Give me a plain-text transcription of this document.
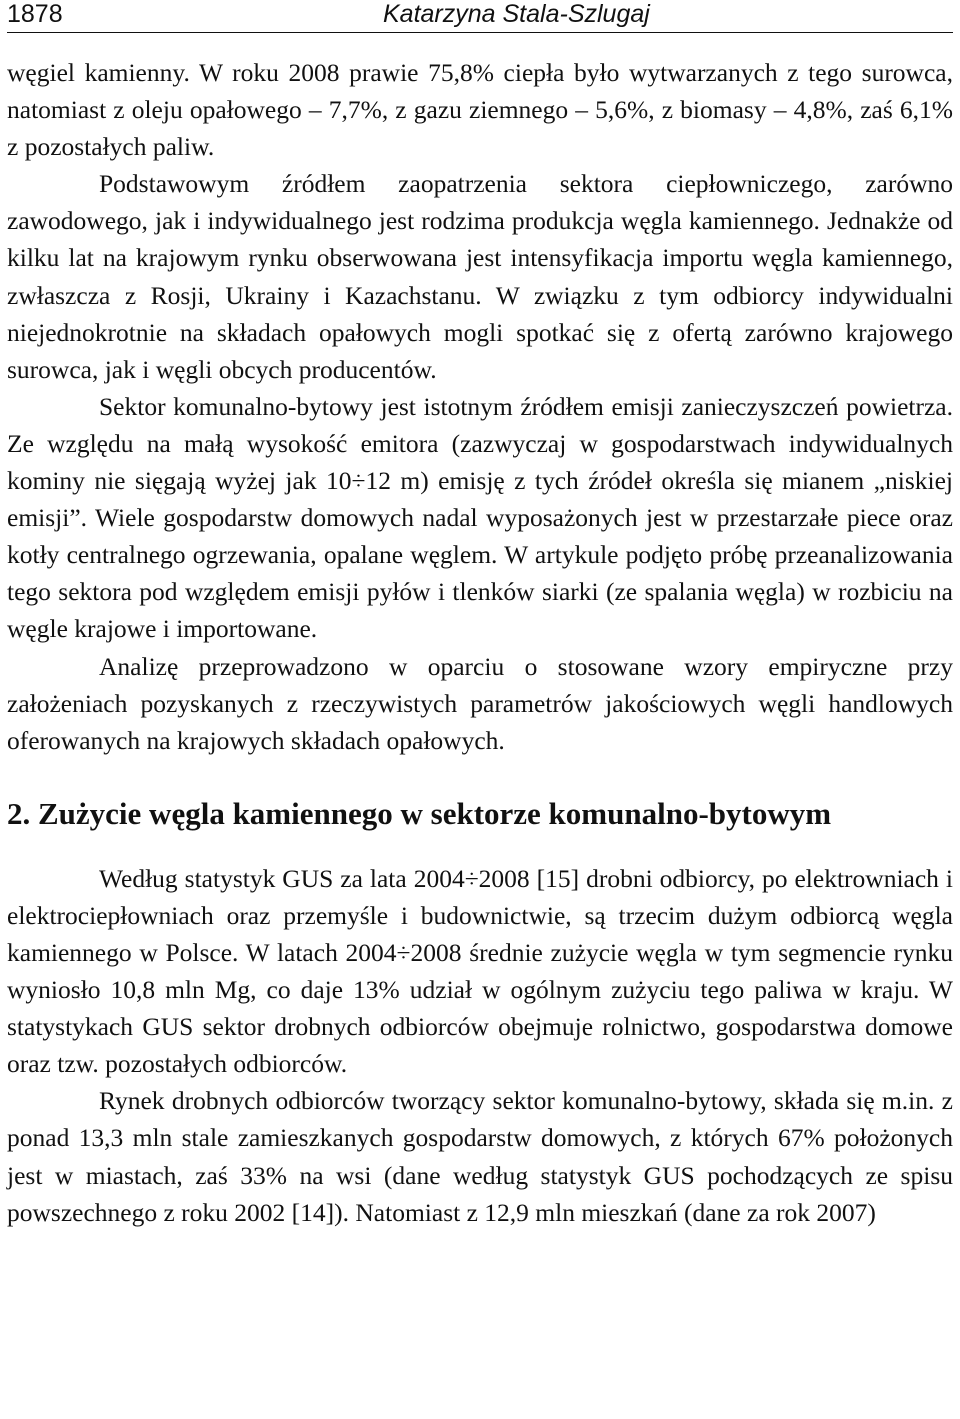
1878	Katarzyna Stala-Szlugaj

węgiel kamienny. W roku 2008 prawie 75,8% ciepła było wytwarzanych z tego surowca, natomiast z oleju opałowego – 7,7%, z gazu ziemnego – 5,6%, z biomasy – 4,8%, zaś 6,1% z pozostałych paliw.

Podstawowym źródłem zaopatrzenia sektora ciepłowniczego, zarówno zawodowego, jak i indywidualnego jest rodzima produkcja węgla kamiennego. Jednakże od kilku lat na krajowym rynku obserwowana jest intensyfikacja importu węgla kamiennego, zwłaszcza z Rosji, Ukrainy i Kazachstanu. W związku z tym odbiorcy indywidualni niejednokrotnie na składach opałowych mogli spotkać się z ofertą zarówno krajowego surowca, jak i węgli obcych producentów.

Sektor komunalno-bytowy jest istotnym źródłem emisji zanieczyszczeń powietrza. Ze względu na małą wysokość emitora (zazwyczaj w gospodarstwach indywidualnych kominy nie sięgają wyżej jak 10÷12 m) emisję z tych źródeł określa się mianem „niskiej emisji”. Wiele gospodarstw domowych nadal wyposażonych jest w przestarzałe piece oraz kotły centralnego ogrzewania, opalane węglem. W artykule podjęto próbę przeanalizowania tego sektora pod względem emisji pyłów i tlenków siarki (ze spalania węgla) w rozbiciu na węgle krajowe i importowane.

Analizę przeprowadzono w oparciu o stosowane wzory empiryczne przy założeniach pozyskanych z rzeczywistych parametrów jakościowych węgli handlowych oferowanych na krajowych składach opałowych.

2. Zużycie węgla kamiennego w sektorze komunalno-bytowym

Według statystyk GUS za lata 2004÷2008 [15] drobni odbiorcy, po elektrowniach i elektrociepłowniach oraz przemyśle i budownictwie, są trzecim dużym odbiorcą węgla kamiennego w Polsce. W latach 2004÷2008 średnie zużycie węgla w tym segmencie rynku wyniosło 10,8 mln Mg, co daje 13% udział w ogólnym zużyciu tego paliwa w kraju. W statystykach GUS sektor drobnych odbiorców obejmuje rolnictwo, gospodarstwa domowe oraz tzw. pozostałych odbiorców.

Rynek drobnych odbiorców tworzący sektor komunalno-bytowy, składa się m.in. z ponad 13,3 mln stale zamieszkanych gospodarstw domowych, z których 67% położonych jest w miastach, zaś 33% na wsi (dane według statystyk GUS pochodzących ze spisu powszechnego z roku 2002 [14]). Natomiast z 12,9 mln mieszkań (dane za rok 2007)
